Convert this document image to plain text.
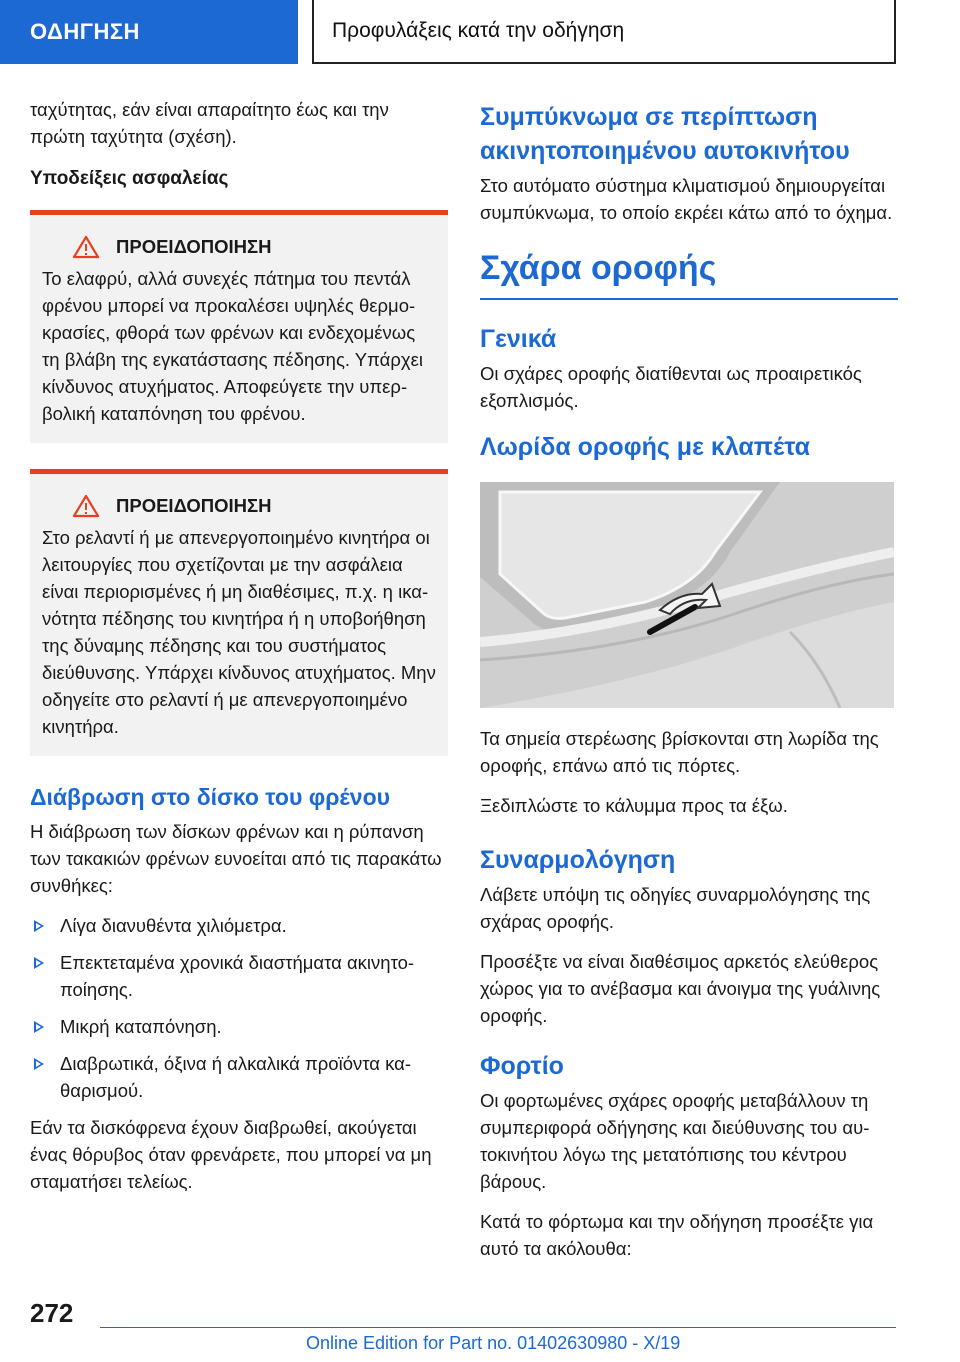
ΟΔΗΓΗΣΗ	Προφυλάξεις κατά την οδήγηση

ταχύτητας, εάν είναι απαραίτητο έως και την πρώτη ταχύτητα (σχέση).

Υποδείξεις ασφαλείας
ΠΡΟΕΙΔΟΠΟΙΗΣΗ

Το ελαφρύ, αλλά συνεχές πάτημα του πεντάλ φρένου μπορεί να προκαλέσει υψηλές θερμοκρασίες, φθορά των φρένων και ενδεχομένως τη βλάβη της εγκατάστασης πέδησης. Υπάρχει κίνδυνος ατυχήματος. Αποφεύγετε την υπερβολική καταπόνηση του φρένου.

ΠΡΟΕΙΔΟΠΟΙΗΣΗ

Στο ρελαντί ή με απενεργοποιημένο κινητήρα οι λειτουργίες που σχετίζονται με την ασφάλεια είναι περιορισμένες ή μη διαθέσιμες, π.χ. η ικανότητα πέδησης του κινητήρα ή η υποβοήθηση της δύναμης πέδησης και του συστήματος διεύθυνσης. Υπάρχει κίνδυνος ατυχήματος. Μην οδηγείτε στο ρελαντί ή με απενεργοποιημένο κινητήρα.

Διάβρωση στο δίσκο του φρένου

Η διάβρωση των δίσκων φρένων και η ρύπανση των τακακιών φρένων ευνοείται από τις παρακάτω συνθήκες:

Λίγα διανυθέντα χιλιόμετρα.
Επεκτεταμένα χρονικά διαστήματα ακινητοποίησης.
Μικρή καταπόνηση.
Διαβρωτικά, όξινα ή αλκαλικά προϊόντα καθαρισμού.

Εάν τα δισκόφρενα έχουν διαβρωθεί, ακούγεται ένας θόρυβος όταν φρενάρετε, που μπορεί να μη σταματήσει τελείως.

Συμπύκνωμα σε περίπτωση ακινητοποιημένου αυτοκινήτου

Στο αυτόματο σύστημα κλιματισμού δημιουργείται συμπύκνωμα, το οποίο εκρέει κάτω από το όχημα.

Σχάρα οροφής
Γενικά

Οι σχάρες οροφής διατίθενται ως προαιρετικός εξοπλισμός.

Λωρίδα οροφής με κλαπέτα

Τα σημεία στερέωσης βρίσκονται στη λωρίδα της οροφής, επάνω από τις πόρτες.

Ξεδιπλώστε το κάλυμμα προς τα έξω.

Συναρμολόγηση

Λάβετε υπόψη τις οδηγίες συναρμολόγησης της σχάρας οροφής.

Προσέξτε να είναι διαθέσιμος αρκετός ελεύθερος χώρος για το ανέβασμα και άνοιγμα της γυάλινης οροφής.

Φορτίο

Οι φορτωμένες σχάρες οροφής μεταβάλλουν τη συμπεριφορά οδήγησης και διεύθυνσης του αυτοκινήτου λόγω της μετατόπισης του κέντρου βάρους.

Κατά το φόρτωμα και την οδήγηση προσέξτε για αυτό τα ακόλουθα:

272
Online Edition for Part no. 01402630980 - X/19
